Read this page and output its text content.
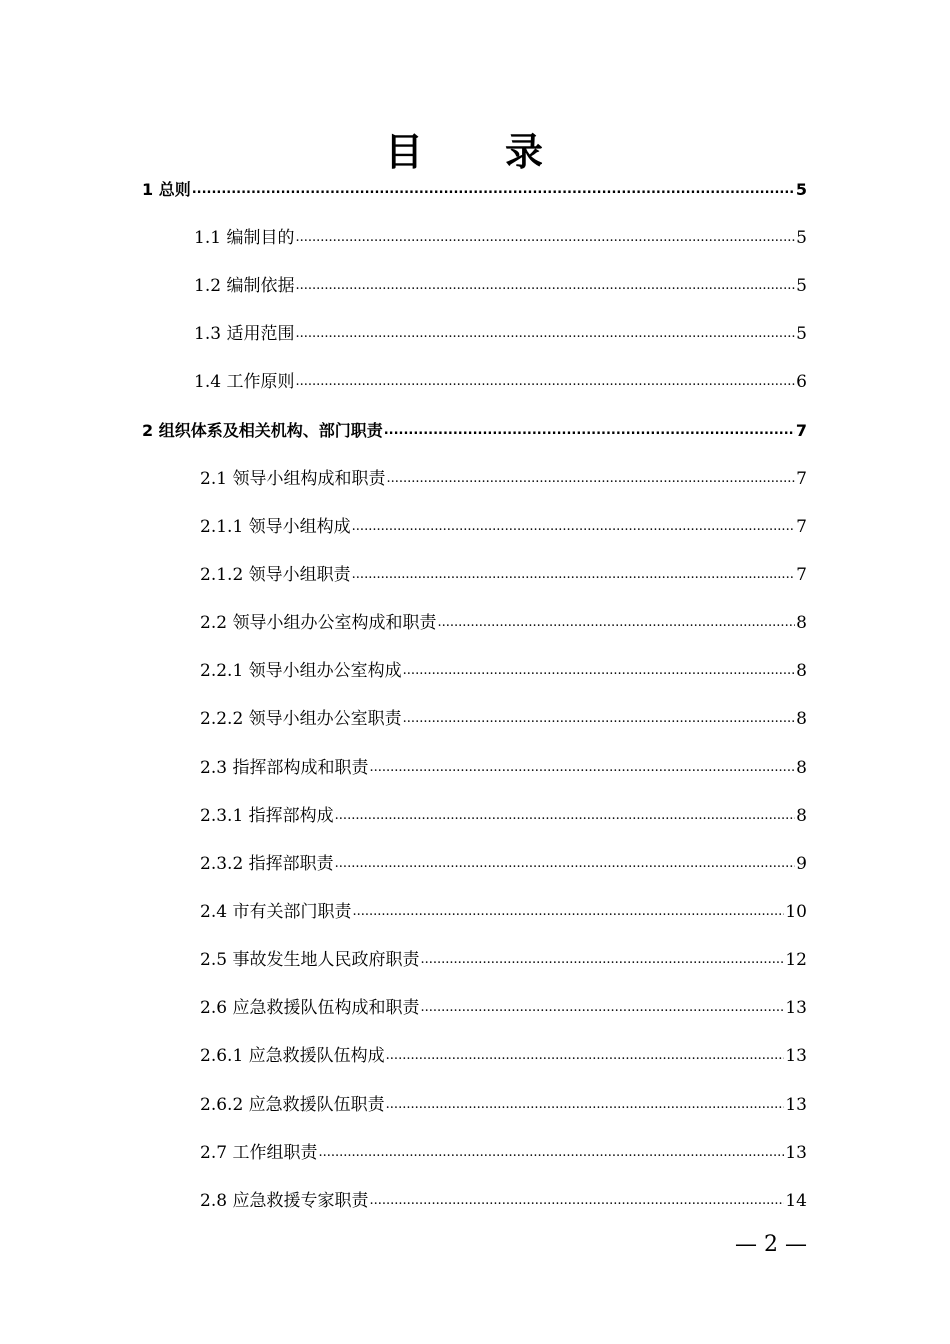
目　录
1 总则 .....	5
1.1 编制目的 .....	5
1.2 编制依据 .....	5
1.3 适用范围 .....	5
1.4 工作原则 .....	6
2 组织体系及相关机构、部门职责 .....	7
2.1 领导小组构成和职责 .....	7
2.1.1 领导小组构成 .....	7
2.1.2 领导小组职责 .....	7
2.2 领导小组办公室构成和职责 .....	8
2.2.1 领导小组办公室构成 .....	8
2.2.2 领导小组办公室职责 .....	8
2.3 指挥部构成和职责 .....	8
2.3.1 指挥部构成 .....	8
2.3.2 指挥部职责 .....	9
2.4 市有关部门职责 .....	10
2.5 事故发生地人民政府职责 .....	12
2.6 应急救援队伍构成和职责 .....	13
2.6.1 应急救援队伍构成 .....	13
2.6.2 应急救援队伍职责 .....	13
2.7 工作组职责 .....	13
2.8 应急救援专家职责 .....	14
— 2 —
